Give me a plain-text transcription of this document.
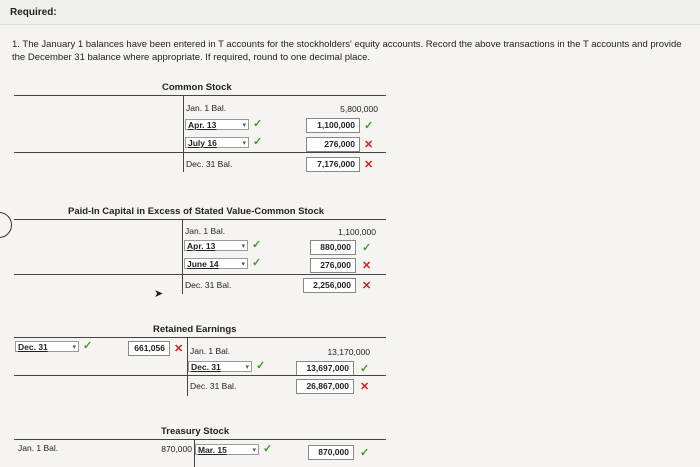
Required:
1. The January 1 balances have been entered in T accounts for the stockholders' equity accounts. Record the above transactions in the T accounts and provide the December 31 balance where appropriate. If required, round to one decimal place.
➤
Common Stock
Jan. 1 Bal.	5,800,000
Apr. 13	▾ ✓	1,100,000 ✓
July 16	▾ ✓	276,000 ✕
Dec. 31 Bal.	7,176,000 ✕
Paid-In Capital in Excess of Stated Value-Common Stock
Jan. 1 Bal.	1,100,000
Apr. 13	▾ ✓	880,000	✓
June 14	▾ ✓	276,000	✕
Dec. 31 Bal.	2,256,000	✕
Retained Earnings
Dec. 31	▾ ✓	661,056 ✕ Jan. 1 Bal.	13,170,000
Dec. 31	▾ ✓	13,697,000	✓
Dec. 31 Bal.	26,867,000	✕
Treasury Stock
Jan. 1 Bal.	870,000 Mar. 15	▾ ✓	870,000	✓
